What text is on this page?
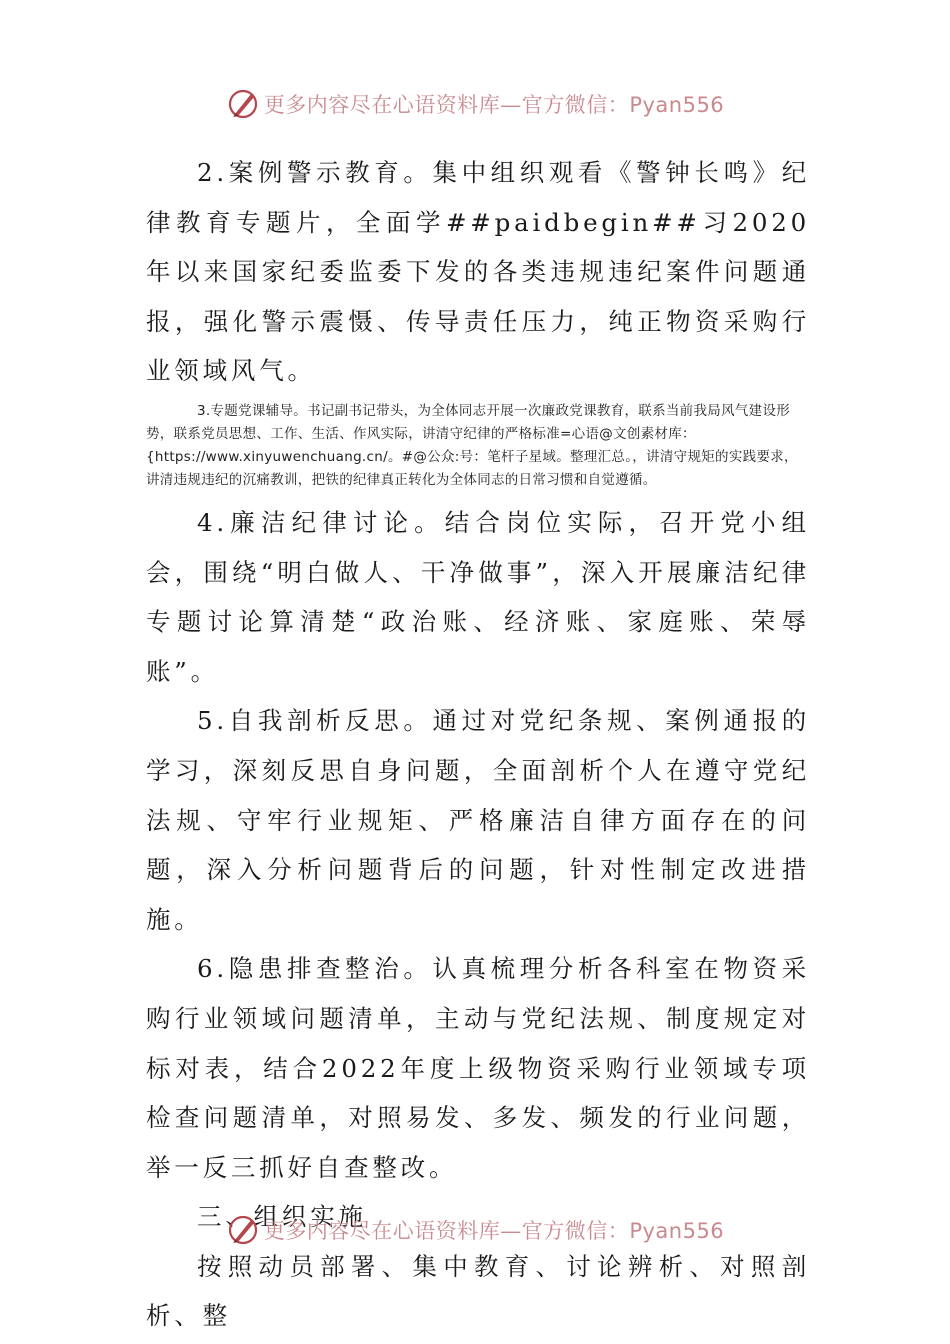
更多内容尽在心语资料库—官方微信：Pyan556

2.案例警示教育。集中组织观看《警钟长鸣》纪律教育专题片，全面学##paidbegin##习2020年以来国家纪委监委下发的各类违规违纪案件问题通报，强化警示震慑、传导责任压力，纯正物资采购行业领域风气。

3.专题党课辅导。书记副书记带头，为全体同志开展一次廉政党课教育，联系当前我局风气建设形势，联系党员思想、工作、生活、作风实际，讲清守纪律的严格标准=心语@文创素材库：{https://www.xinyuwenchuang.cn/。#@公众:号：笔杆子星域。整理汇总。，讲清守规矩的实践要求，讲清违规违纪的沉痛教训，把铁的纪律真正转化为全体同志的日常习惯和自觉遵循。

4.廉洁纪律讨论。结合岗位实际，召开党小组会，围绕“明白做人、干净做事”，深入开展廉洁纪律专题讨论算清楚“政治账、经济账、家庭账、荣辱账”。

5.自我剖析反思。通过对党纪条规、案例通报的学习，深刻反思自身问题，全面剖析个人在遵守党纪法规、守牢行业规矩、严格廉洁自律方面存在的问题，深入分析问题背后的问题，针对性制定改进措施。

6.隐患排查整治。认真梳理分析各科室在物资采购行业领域问题清单，主动与党纪法规、制度规定对标对表，结合2022年度上级物资采购行业领域专项检查问题清单，对照易发、多发、频发的行业问题，举一反三抓好自查整改。

三、组织实施

按照动员部署、集中教育、讨论辨析、对照剖析、整

更多内容尽在心语资料库—官方微信：Pyan556
